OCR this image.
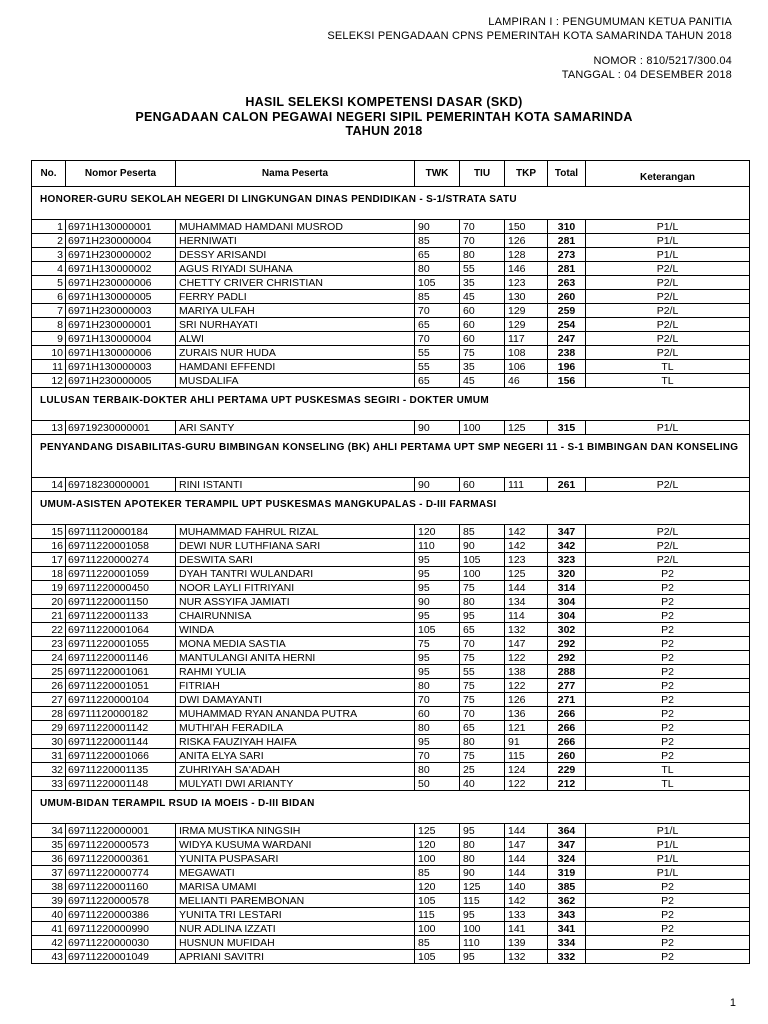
LAMPIRAN I : PENGUMUMAN KETUA PANITIA
SELEKSI PENGADAAN CPNS PEMERINTAH KOTA SAMARINDA TAHUN 2018
NOMOR : 810/5217/300.04
TANGGAL : 04 DESEMBER 2018
HASIL SELEKSI KOMPETENSI DASAR (SKD)
PENGADAAN CALON PEGAWAI NEGERI SIPIL PEMERINTAH KOTA SAMARINDA
TAHUN 2018
No.	Nomor Peserta	Nama Peserta	TWK	TIU	TKP	Total	Keterangan
HONORER-GURU SEKOLAH NEGERI DI LINGKUNGAN DINAS PENDIDIKAN - S-1/STRATA SATU							
1	6971H130000001	MUHAMMAD HAMDANI MUSROD	90	70	150	310	P1/L
2	6971H230000004	HERNIWATI	85	70	126	281	P1/L
3	6971H230000002	DESSY ARISANDI	65	80	128	273	P1/L
4	6971H130000002	AGUS RIYADI SUHANA	80	55	146	281	P2/L
5	6971H230000006	CHETTY CRIVER CHRISTIAN	105	35	123	263	P2/L
6	6971H130000005	FERRY PADLI	85	45	130	260	P2/L
7	6971H230000003	MARIYA ULFAH	70	60	129	259	P2/L
8	6971H230000001	SRI NURHAYATI	65	60	129	254	P2/L
9	6971H130000004	ALWI	70	60	117	247	P2/L
10	6971H130000006	ZURAIS NUR HUDA	55	75	108	238	P2/L
11	6971H130000003	HAMDANI EFFENDI	55	35	106	196	TL
12	6971H230000005	MUSDALIFA	65	45	46	156	TL
LULUSAN TERBAIK-DOKTER AHLI PERTAMA UPT PUSKESMAS SEGIRI - DOKTER UMUM							
13	69719230000001	ARI SANTY	90	100	125	315	P1/L
PENYANDANG DISABILITAS-GURU BIMBINGAN KONSELING (BK) AHLI PERTAMA UPT SMP NEGERI 11 - S-1 BIMBINGAN DAN KONSELING							
14	69718230000001	RINI ISTANTI	90	60	111	261	P2/L
UMUM-ASISTEN APOTEKER TERAMPIL UPT PUSKESMAS MANGKUPALAS - D-III FARMASI							
15	69711120000184	MUHAMMAD FAHRUL RIZAL	120	85	142	347	P2/L
16	69711220001058	DEWI NUR LUTHFIANA SARI	110	90	142	342	P2/L
17	69711220000274	DESWITA SARI	95	105	123	323	P2/L
18	69711220001059	DYAH TANTRI WULANDARI	95	100	125	320	P2
19	69711220000450	NOOR LAYLI FITRIYANI	95	75	144	314	P2
20	69711220001150	NUR ASSYIFA JAMIATI	90	80	134	304	P2
21	69711220001133	CHAIRUNNISA	95	95	114	304	P2
22	69711220001064	WINDA	105	65	132	302	P2
23	69711220001055	MONA MEDIA SASTIA	75	70	147	292	P2
24	69711220001146	MANTULANGI ANITA HERNI	95	75	122	292	P2
25	69711220001061	RAHMI YULIA	95	55	138	288	P2
26	69711220001051	FITRIAH	80	75	122	277	P2
27	69711220000104	DWI DAMAYANTI	70	75	126	271	P2
28	69711120000182	MUHAMMAD RYAN ANANDA PUTRA	60	70	136	266	P2
29	69711220001142	MUTHI'AH FERADILA	80	65	121	266	P2
30	69711220001144	RISKA FAUZIYAH HAIFA	95	80	91	266	P2
31	69711220001066	ANITA ELYA SARI	70	75	115	260	P2
32	69711220001135	ZUHRIYAH SA'ADAH	80	25	124	229	TL
33	69711220001148	MULYATI DWI ARIANTY	50	40	122	212	TL
UMUM-BIDAN TERAMPIL RSUD IA MOEIS - D-III BIDAN							
34	69711220000001	IRMA MUSTIKA NINGSIH	125	95	144	364	P1/L
35	69711220000573	WIDYA KUSUMA WARDANI	120	80	147	347	P1/L
36	69711220000361	YUNITA PUSPASARI	100	80	144	324	P1/L
37	69711220000774	MEGAWATI	85	90	144	319	P1/L
38	69711220001160	MARISA UMAMI	120	125	140	385	P2
39	69711220000578	MELIANTI PAREMBONAN	105	115	142	362	P2
40	69711220000386	YUNITA TRI LESTARI	115	95	133	343	P2
41	69711220000990	NUR ADLINA IZZATI	100	100	141	341	P2
42	69711220000030	HUSNUN MUFIDAH	85	110	139	334	P2
43	69711220001049	APRIANI SAVITRI	105	95	132	332	P2
1
